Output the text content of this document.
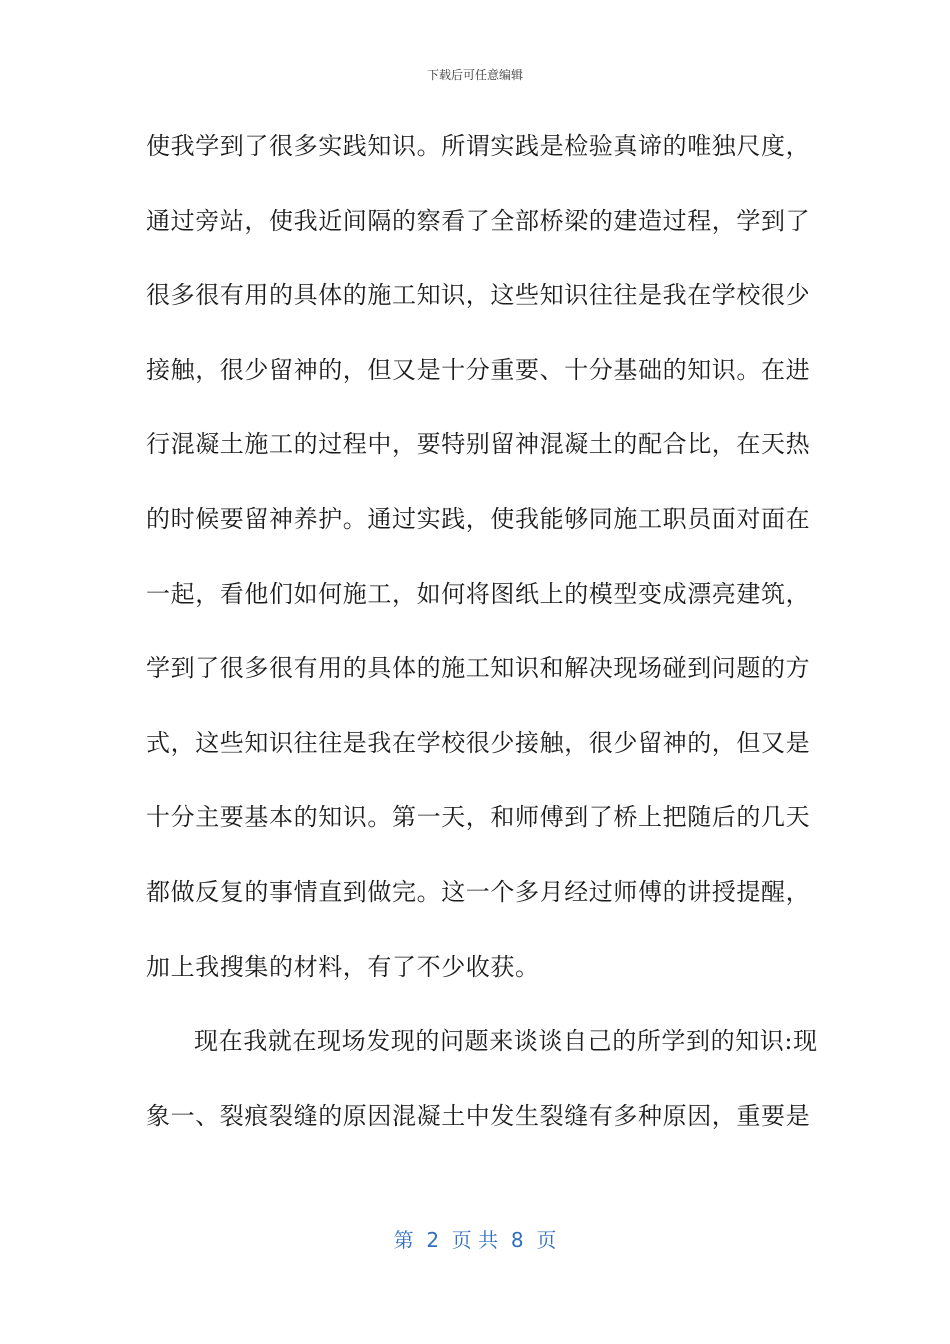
下载后可任意编辑
使我学到了很多实践知识。所谓实践是检验真谛的唯独尺度，
通过旁站，使我近间隔的察看了全部桥梁的建造过程，学到了
很多很有用的具体的施工知识，这些知识往往是我在学校很少
接触，很少留神的，但又是十分重要、十分基础的知识。在进
行混凝土施工的过程中，要特别留神混凝土的配合比，在天热
的时候要留神养护。通过实践，使我能够同施工职员面对面在
一起，看他们如何施工，如何将图纸上的模型变成漂亮建筑，
学到了很多很有用的具体的施工知识和解决现场碰到问题的方
式，这些知识往往是我在学校很少接触，很少留神的，但又是
十分主要基本的知识。第一天，和师傅到了桥上把随后的几天
都做反复的事情直到做完。这一个多月经过师傅的讲授提醒，
加上我搜集的材料，有了不少收获。
现在我就在现场发现的问题来谈谈自己的所学到的知识:现
象一、裂痕裂缝的原因混凝土中发生裂缝有多种原因，重要是
第  2  页 共  8  页
